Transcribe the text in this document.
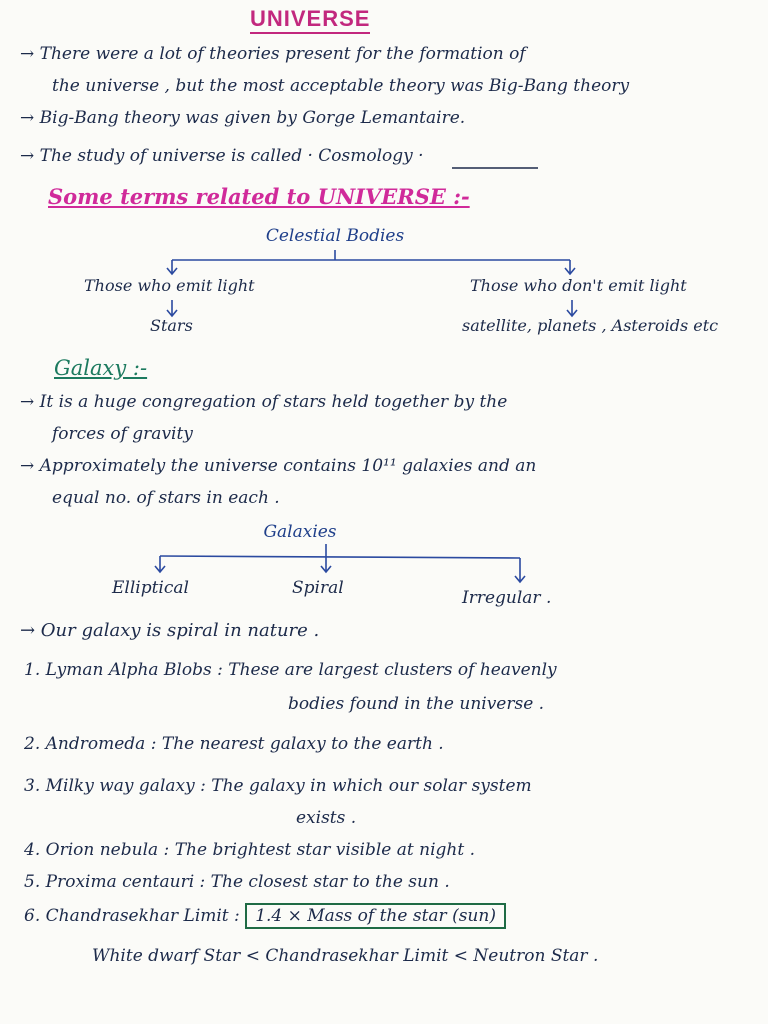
UNIVERSE
→ There were a lot of theories present for the formation of
the universe , but the most acceptable theory was Big-Bang theory
→ Big-Bang theory was given by Gorge Lemantaire.
→ The study of universe is called · Cosmology ·
Some terms related to UNIVERSE :-
Celestial Bodies
Those who emit light
Stars
Those who don't emit light
satellite, planets , Asteroids etc
Galaxy :-
→ It is a huge congregation of stars held together by the
forces of gravity
→ Approximately the universe contains 10¹¹ galaxies and an
equal no. of stars in each .
Galaxies
Elliptical	Spiral	Irregular .
→ Our galaxy is spiral in nature .
1. Lyman Alpha Blobs : These are largest clusters of heavenly
bodies found in the universe .
2. Andromeda : The nearest galaxy to the earth .
3. Milky way galaxy : The galaxy in which our solar system
exists .
4. Orion nebula : The brightest star visible at night .
5. Proxima centauri : The closest star to the sun .
6. Chandrasekhar Limit : 1.4 × Mass of the star (sun)
White dwarf Star < Chandrasekhar Limit < Neutron Star .
